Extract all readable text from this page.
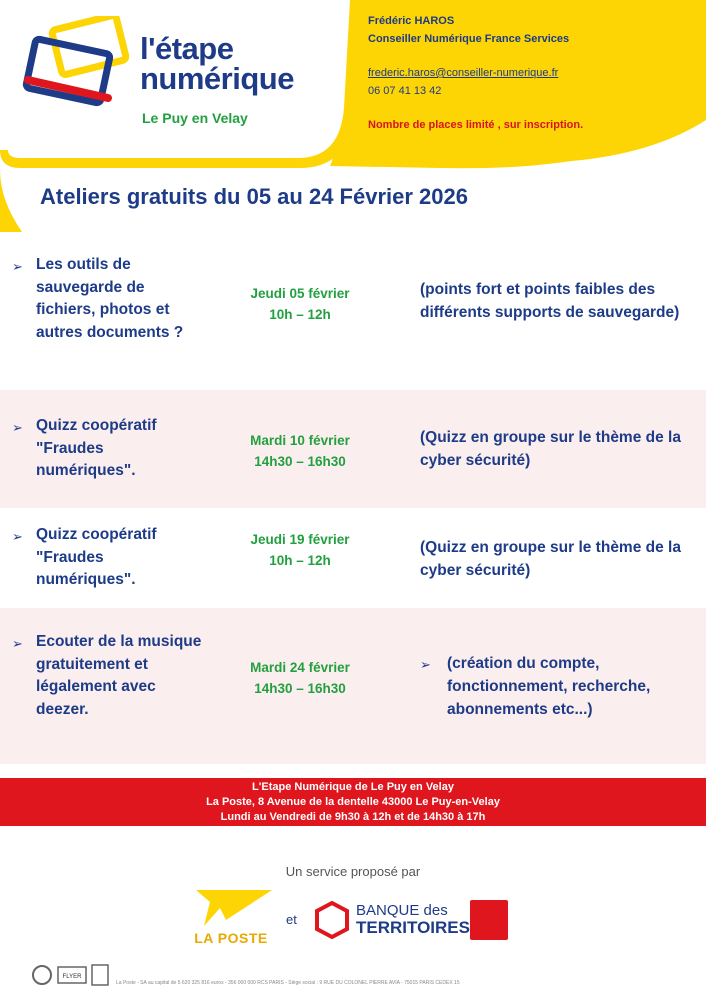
l'étape
numérique
Le Puy en Velay
Frédéric HAROS
Conseiller Numérique France Services
frederic.haros@conseiller-numerique.fr
06 07 41 13 42
Nombre de places limité , sur inscription.
Ateliers gratuits du 05 au 24 Février 2026
➢ Les outils de sauvegarde de fichiers, photos et autres documents ?
Jeudi 05 février
10h – 12h
(points fort et points faibles des différents supports de sauvegarde)
➢ Quizz coopératif "Fraudes numériques".
Mardi 10 février
14h30 – 16h30
(Quizz en groupe sur le thème de la cyber sécurité)
➢ Quizz coopératif "Fraudes numériques".
Jeudi 19 février
10h – 12h
(Quizz en groupe sur le thème de la cyber sécurité)
➢ Ecouter de la musique gratuitement et légalement avec deezer.
Mardi 24 février
14h30 – 16h30
➢ (création du compte, fonctionnement, recherche, abonnements etc...)
L'Etape Numérique de Le Puy en Velay
La Poste, 8 Avenue de la dentelle 43000 Le Puy-en-Velay
Lundi au Vendredi de 9h30 à 12h et de 14h30 à 17h
Un service proposé par
LA POSTE
et
BANQUE des
TERRITOIRES
FLYER
La Poste - SA au capital de 5 620 325 816 euros - 356 000 000 RCS PARIS - Siège social : 9 RUE DU COLONEL PIERRE AVIA - 75015 PARIS CEDEX 15
